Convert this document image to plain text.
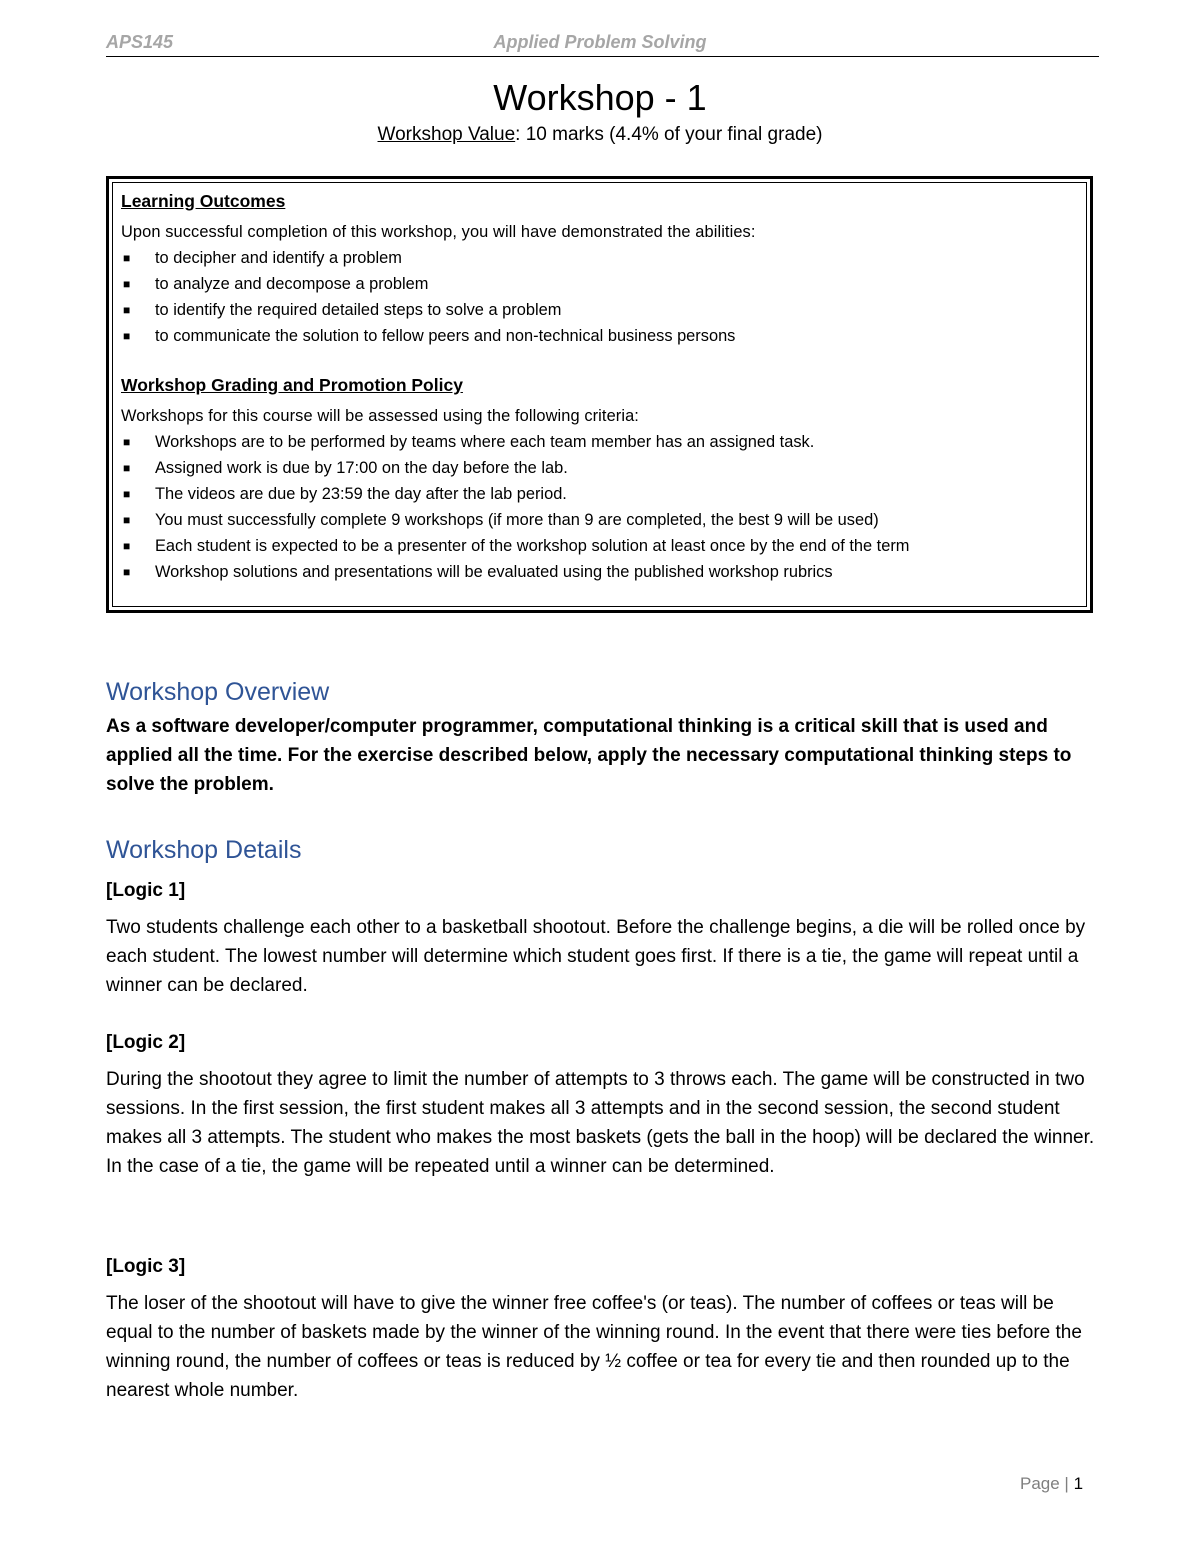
APS145	Applied Problem Solving
Workshop - 1
Workshop Value: 10 marks (4.4% of your final grade)
Learning Outcomes

Upon successful completion of this workshop, you will have demonstrated the abilities:

■ to decipher and identify a problem
■ to analyze and decompose a problem
■ to identify the required detailed steps to solve a problem
■ to communicate the solution to fellow peers and non-technical business persons
Workshop Grading and Promotion Policy

Workshops for this course will be assessed using the following criteria:

■ Workshops are to be performed by teams where each team member has an assigned task.
■ Assigned work is due by 17:00 on the day before the lab.
■ The videos are due by 23:59 the day after the lab period.
■ You must successfully complete 9 workshops (if more than 9 are completed, the best 9 will be used)
■ Each student is expected to be a presenter of the workshop solution at least once by the end of the term
■ Workshop solutions and presentations will be evaluated using the published workshop rubrics
Workshop Overview
As a software developer/computer programmer, computational thinking is a critical skill that is used and applied all the time. For the exercise described below, apply the necessary computational thinking steps to solve the problem.
Workshop Details
[Logic 1]
Two students challenge each other to a basketball shootout. Before the challenge begins, a die will be rolled once by each student. The lowest number will determine which student goes first. If there is a tie, the game will repeat until a winner can be declared.
[Logic 2]
During the shootout they agree to limit the number of attempts to 3 throws each. The game will be constructed in two sessions. In the first session, the first student makes all 3 attempts and in the second session, the second student makes all 3 attempts. The student who makes the most baskets (gets the ball in the hoop) will be declared the winner. In the case of a tie, the game will be repeated until a winner can be determined.
[Logic 3]
The loser of the shootout will have to give the winner free coffee's (or teas). The number of coffees or teas will be equal to the number of baskets made by the winner of the winning round. In the event that there were ties before the winning round, the number of coffees or teas is reduced by ½ coffee or tea for every tie and then rounded up to the nearest whole number.
Page | 1
